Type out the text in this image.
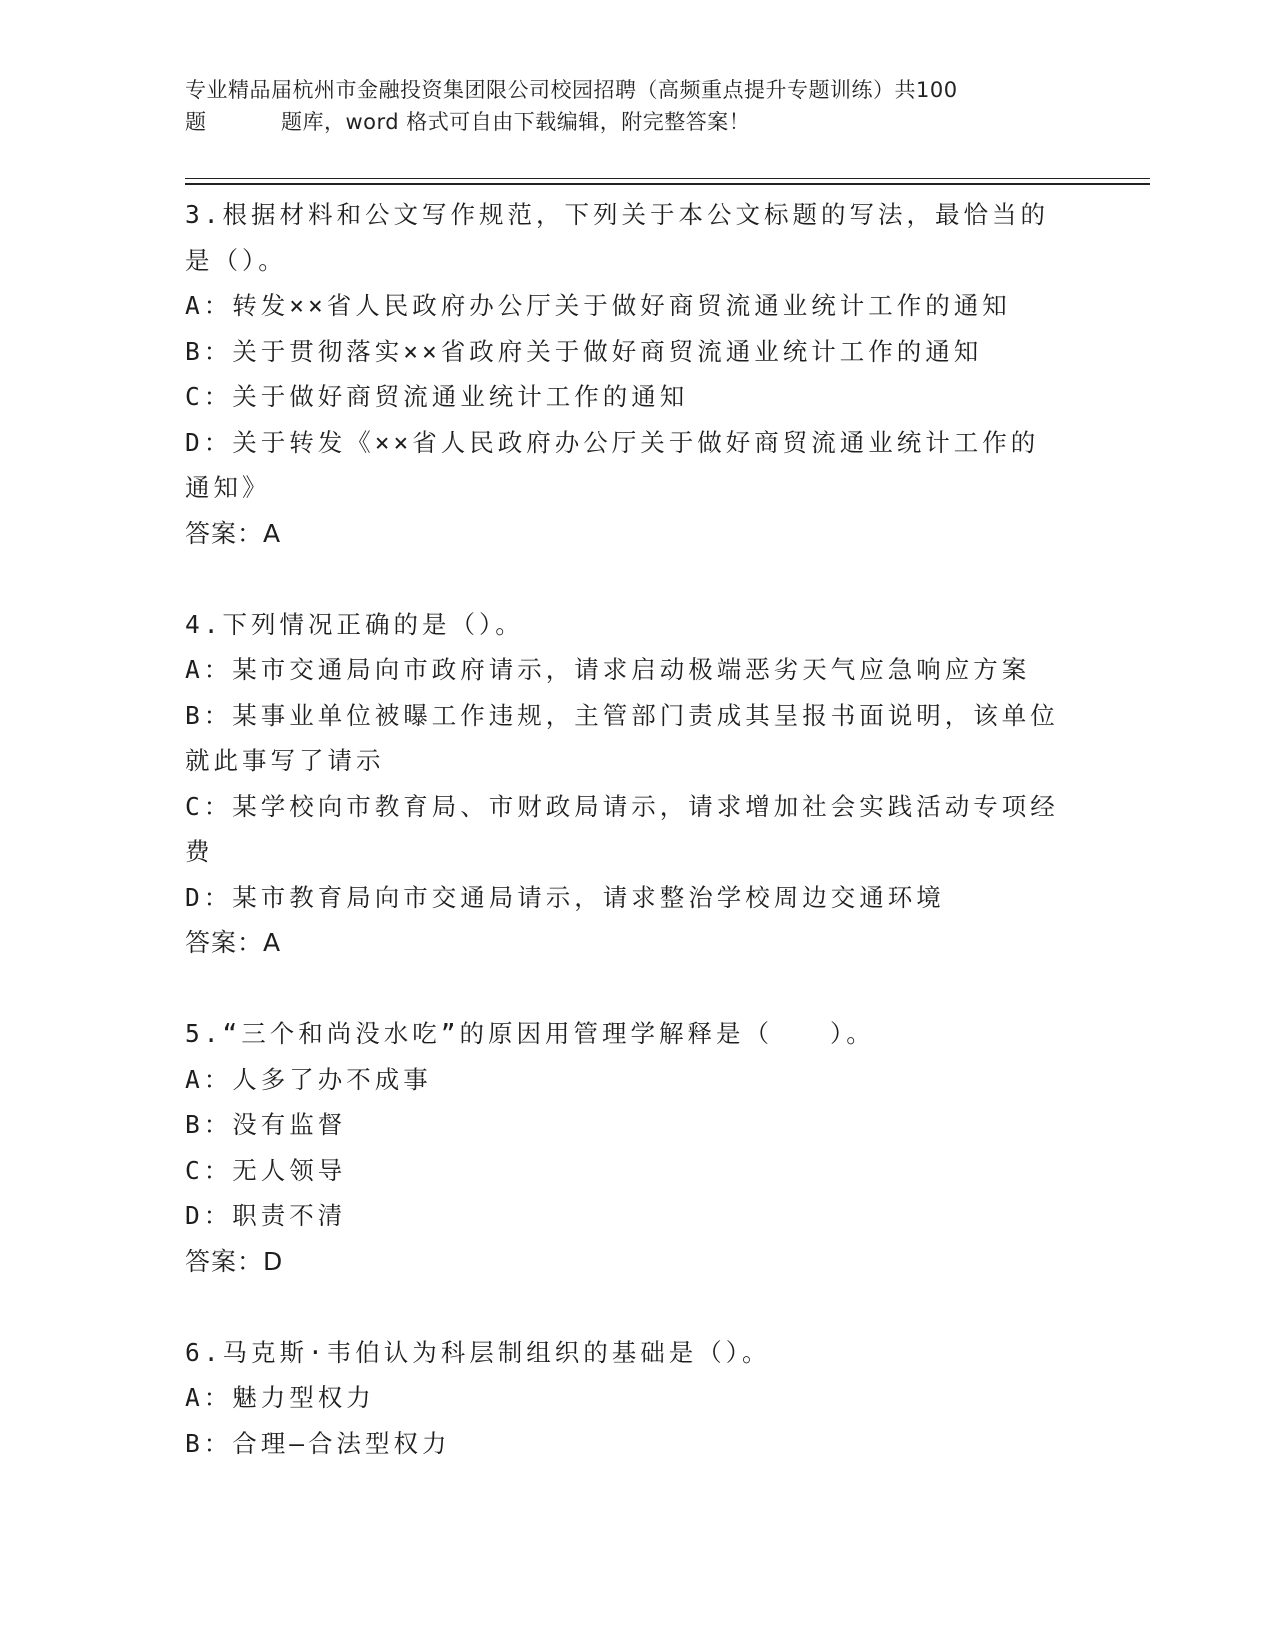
专业精品届杭州市金融投资集团限公司校园招聘（高频重点提升专题训练）共100
题	题库，word 格式可自由下载编辑，附完整答案！
3.根据材料和公文写作规范，下列关于本公文标题的写法，最恰当的
是（）。
A：转发××省人民政府办公厅关于做好商贸流通业统计工作的通知
B：关于贯彻落实××省政府关于做好商贸流通业统计工作的通知
C：关于做好商贸流通业统计工作的通知
D：关于转发《××省人民政府办公厅关于做好商贸流通业统计工作的
通知》
答案：A
4.下列情况正确的是（）。
A：某市交通局向市政府请示，请求启动极端恶劣天气应急响应方案
B：某事业单位被曝工作违规，主管部门责成其呈报书面说明，该单位
就此事写了请示
C：某学校向市教育局、市财政局请示，请求增加社会实践活动专项经
费
D：某市教育局向市交通局请示，请求整治学校周边交通环境
答案：A
5.“三个和尚没水吃”的原因用管理学解释是（　　）。
A：人多了办不成事
B：没有监督
C：无人领导
D：职责不清
答案：D
6.马克斯·韦伯认为科层制组织的基础是（）。
A：魅力型权力
B：合理—合法型权力
